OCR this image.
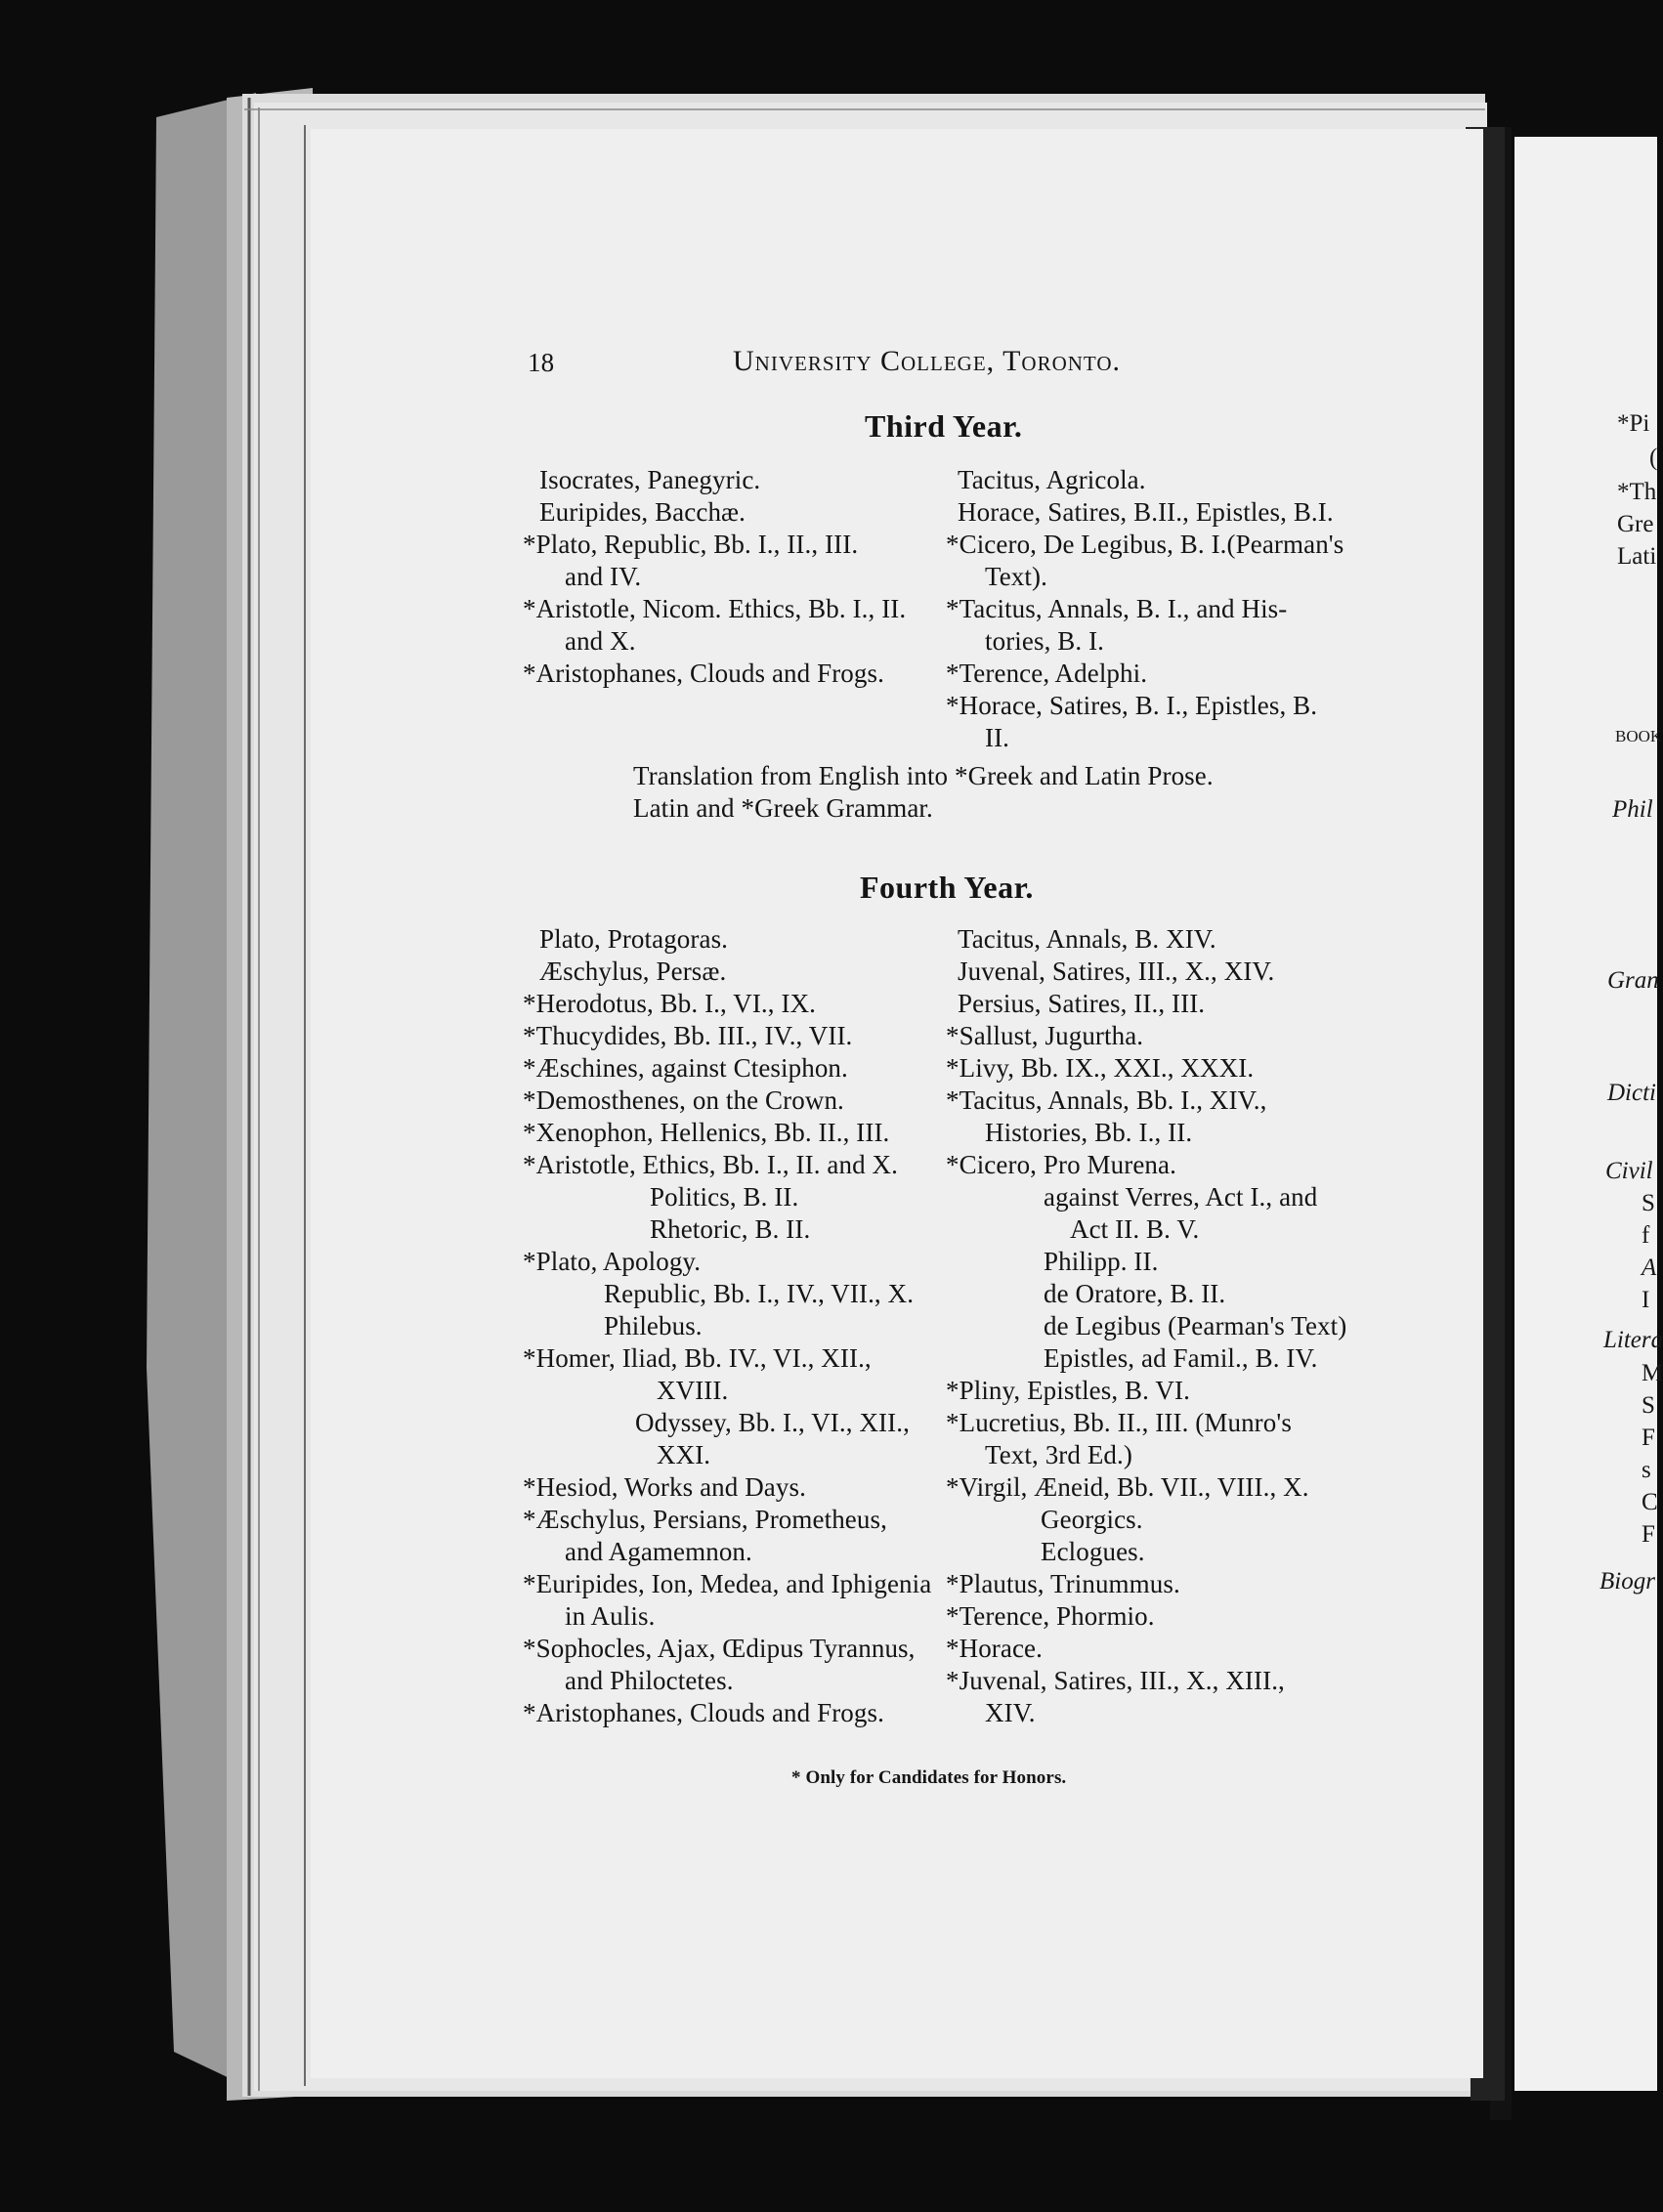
18	University College, Toronto.
Third Year.
Isocrates, Panegyric.
Euripides, Bacchæ.
*Plato, Republic, Bb. I., II., III.
and IV.
*Aristotle, Nicom. Ethics, Bb. I., II.
and X.
*Aristophanes, Clouds and Frogs.
Tacitus, Agricola.
Horace, Satires, B.II., Epistles, B.I.
*Cicero, De Legibus, B. I.(Pearman's
Text).
*Tacitus, Annals, B. I., and His-
tories, B. I.
*Terence, Adelphi.
*Horace, Satires, B. I., Epistles, B.
II.
Translation from English into *Greek and Latin Prose.
Latin and *Greek Grammar.
Fourth Year.
Plato, Protagoras.
Æschylus, Persæ.
*Herodotus, Bb. I., VI., IX.
*Thucydides, Bb. III., IV., VII.
*Æschines, against Ctesiphon.
*Demosthenes, on the Crown.
*Xenophon, Hellenics, Bb. II., III.
*Aristotle, Ethics, Bb. I., II. and X.
Politics, B. II.
Rhetoric, B. II.
*Plato, Apology.
Republic, Bb. I., IV., VII., X.
Philebus.
*Homer, Iliad, Bb. IV., VI., XII.,
XVIII.
Odyssey, Bb. I., VI., XII.,
XXI.
*Hesiod, Works and Days.
*Æschylus, Persians, Prometheus,
and Agamemnon.
*Euripides, Ion, Medea, and Iphigenia
in Aulis.
*Sophocles, Ajax, Œdipus Tyrannus,
and Philoctetes.
*Aristophanes, Clouds and Frogs.
Tacitus, Annals, B. XIV.
Juvenal, Satires, III., X., XIV.
Persius, Satires, II., III.
*Sallust, Jugurtha.
*Livy, Bb. IX., XXI., XXXI.
*Tacitus, Annals, Bb. I., XIV.,
Histories, Bb. I., II.
*Cicero, Pro Murena.
against Verres, Act I., and
Act II. B. V.
Philipp. II.
de Oratore, B. II.
de Legibus (Pearman's Text)
Epistles, ad Famil., B. IV.
*Pliny, Epistles, B. VI.
*Lucretius, Bb. II., III. (Munro's
Text, 3rd Ed.)
*Virgil, Æneid, Bb. VII., VIII., X.
Georgics.
Eclogues.
*Plautus, Trinummus.
*Terence, Phormio.
*Horace.
*Juvenal, Satires, III., X., XIII.,
XIV.
* Only for Candidates for Honors.
*Pi
(
*Th
Gre
Lati
BOOK
Phil
Gran
Dicti
Civil
S
f
A
I
Litera
M
S
F
s
C
F
Biogr
